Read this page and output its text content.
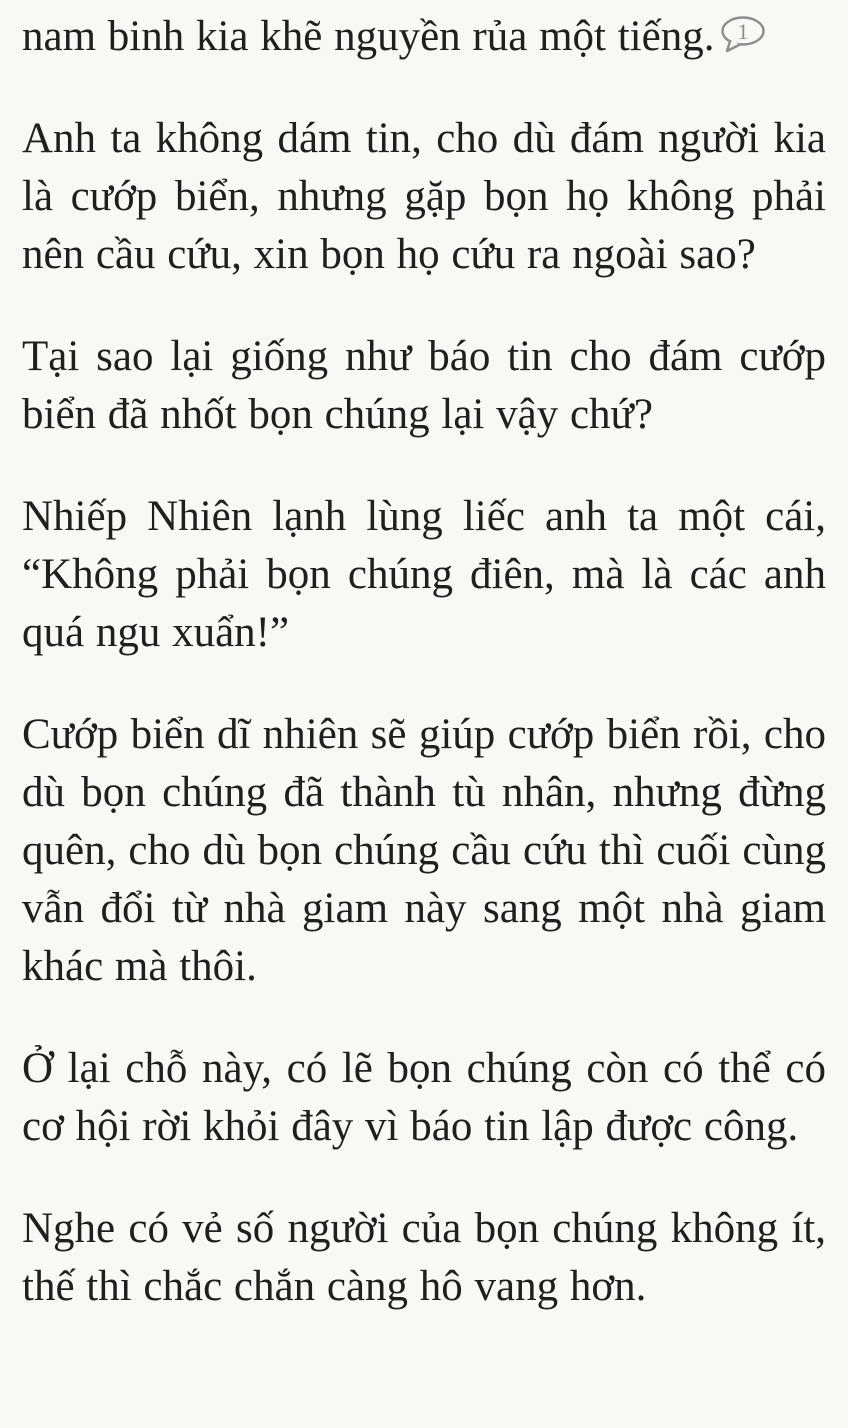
nam binh kia khẽ nguyền rủa một tiếng. 1

Anh ta không dám tin, cho dù đám người kia là cướp biển, nhưng gặp bọn họ không phải nên cầu cứu, xin bọn họ cứu ra ngoài sao?

Tại sao lại giống như báo tin cho đám cướp biển đã nhốt bọn chúng lại vậy chứ?

Nhiếp Nhiên lạnh lùng liếc anh ta một cái, “Không phải bọn chúng điên, mà là các anh quá ngu xuẩn!”

Cướp biển dĩ nhiên sẽ giúp cướp biển rồi, cho dù bọn chúng đã thành tù nhân, nhưng đừng quên, cho dù bọn chúng cầu cứu thì cuối cùng vẫn đổi từ nhà giam này sang một nhà giam khác mà thôi.

Ở lại chỗ này, có lẽ bọn chúng còn có thể có cơ hội rời khỏi đây vì báo tin lập được công.

Nghe có vẻ số người của bọn chúng không ít, thế thì chắc chắn càng hô vang hơn.
